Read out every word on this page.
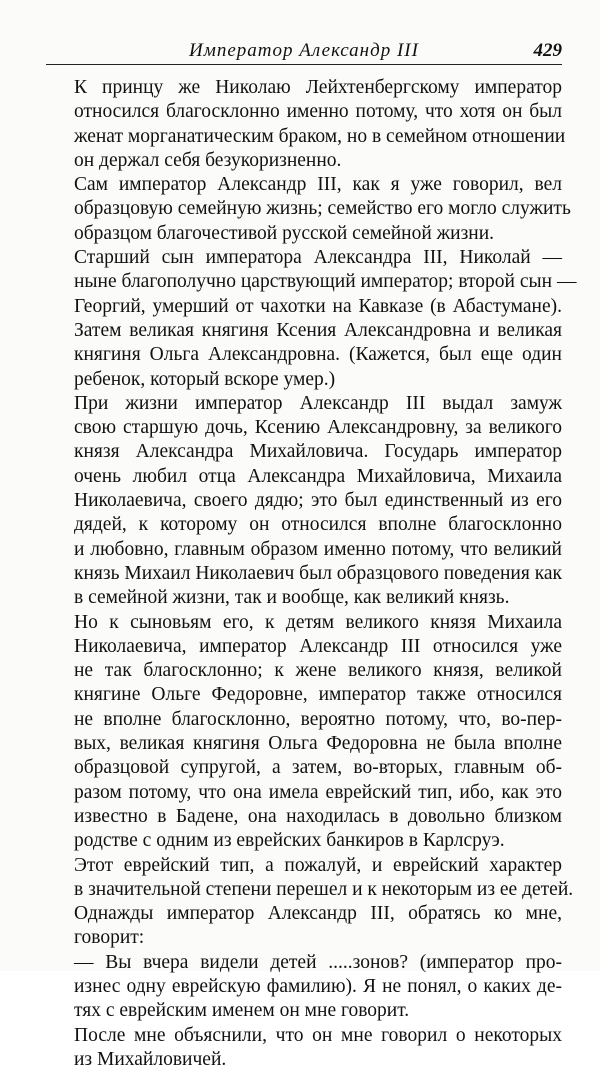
Император Александр III	429
К принцу же Николаю Лейхтенбергскому император
относился благосклонно именно потому, что хотя он был
женат морганатическим браком, но в семейном отношении
он держал себя безукоризненно.
Сам император Александр III, как я уже говорил, вел
образцовую семейную жизнь; семейство его могло служить
образцом благочестивой русской семейной жизни.
Старший сын императора Александра III, Николай —
ныне благополучно царствующий император; второй сын —
Георгий, умерший от чахотки на Кавказе (в Абастумане).
Затем великая княгиня Ксения Александровна и великая
княгиня Ольга Александровна. (Кажется, был еще один
ребенок, который вскоре умер.)
При жизни император Александр III выдал замуж
свою старшую дочь, Ксению Александровну, за великого
князя Александра Михайловича. Государь император
очень любил отца Александра Михайловича, Михаила
Николаевича, своего дядю; это был единственный из его
дядей, к которому он относился вполне благосклонно
и любовно, главным образом именно потому, что великий
князь Михаил Николаевич был образцового поведения как
в семейной жизни, так и вообще, как великий князь.
Но к сыновьям его, к детям великого князя Михаила
Николаевича, император Александр III относился уже
не так благосклонно; к жене великого князя, великой
княгине Ольге Федоровне, император также относился
не вполне благосклонно, вероятно потому, что, во-пер-
вых, великая княгиня Ольга Федоровна не была вполне
образцовой супругой, а затем, во-вторых, главным об-
разом потому, что она имела еврейский тип, ибо, как это
известно в Бадене, она находилась в довольно близком
родстве с одним из еврейских банкиров в Карлсруэ.
Этот еврейский тип, а пожалуй, и еврейский характер
в значительной степени перешел и к некоторым из ее детей.
Однажды император Александр III, обратясь ко мне,
говорит:
— Вы вчера видели детей .....зонов? (император про-
изнес одну еврейскую фамилию). Я не понял, о каких де-
тях с еврейским именем он мне говорит.
После мне объяснили, что он мне говорил о некоторых
из Михайловичей.
